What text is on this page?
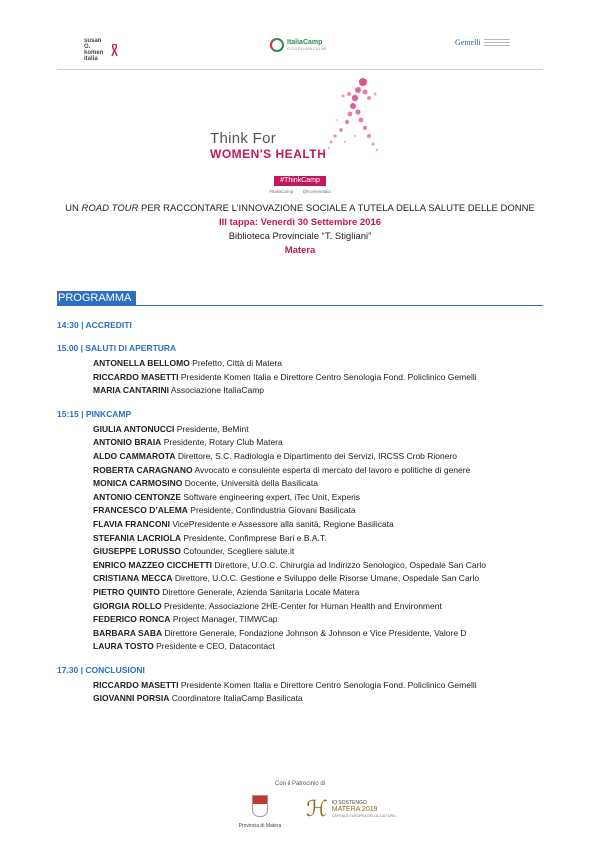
susan G. komen italia
ItaliaCamp
COORDINAZIONE
Gemelli
Think For
WOMEN'S HEALTH
#ThinkCamp
#ItaliaCamp @KomenItalia
UN ROAD TOUR PER RACCONTARE L’INNOVAZIONE SOCIALE A TUTELA DELLA SALUTE DELLE DONNE
III tappa: Venerdì 30 Settembre 2016
Biblioteca Provinciale “T. Stigliani”
Matera
PROGRAMMA
14:30 | ACCREDITI
15.00 | SALUTI DI APERTURA
ANTONELLA BELLOMO Prefetto, Città di Matera
RICCARDO MASETTI Presidente Komen Italia e Direttore Centro Senologia Fond. Policlinico Gemelli
MARIA CANTARINI Associazione ItaliaCamp
15:15 | PINKCAMP
GIULIA ANTONUCCI Presidente, BeMint
ANTONIO BRAIA Presidente, Rotary Club Matera
ALDO CAMMAROTA Direttore, S.C. Radiologia e Dipartimento dei Servizi, IRCSS Crob Rionero
ROBERTA CARAGNANO Avvocato e consulente esperta di mercato del lavoro e politiche di genere
MONICA CARMOSINO Docente, Università della Basilicata
ANTONIO CENTONZE Software engineering expert, iTec Unit, Experis
FRANCESCO D’ALEMA Presidente, Confindustria Giovani Basilicata
FLAVIA FRANCONI VicePresidente e Assessore alla sanità, Regione Basilicata
STEFANIA LACRIOLA Presidente, Confimprese Bari e B.A.T.
GIUSEPPE LORUSSO Cofounder, Scegliere salute.it
ENRICO MAZZEO CICCHETTI Direttore, U.O.C. Chirurgia ad Indirizzo Senologico, Ospedale San Carlo
CRISTIANA MECCA Direttore, U.O.C. Gestione e Sviluppo delle Risorse Umane, Ospedale San Carlo
PIETRO QUINTO Direttore Generale, Azienda Sanitaria Locale Matera
GIORGIA ROLLO Presidente, Associazione 2HE-Center for Human Health and Environment
FEDERICO RONCA Project Manager, TIMWCap
BARBARA SABA Direttore Generale, Fondazione Johnson & Johnson e Vice Presidente, Valore D
LAURA TOSTO Presidente e CEO, Datacontact
17.30 | CONCLUSIONI
RICCARDO MASETTI Presidente Komen Italia e Direttore Centro Senologia Fond. Policlinico Gemelli
GIOVANNI PORSIA Coordinatore ItaliaCamp Basilicata
Con il Patrocinio di
Provincia di Matera
ℋ IO SOSTENGO
MATERA 2019
CAPITALE EUROPEA DELLA CULTURA
